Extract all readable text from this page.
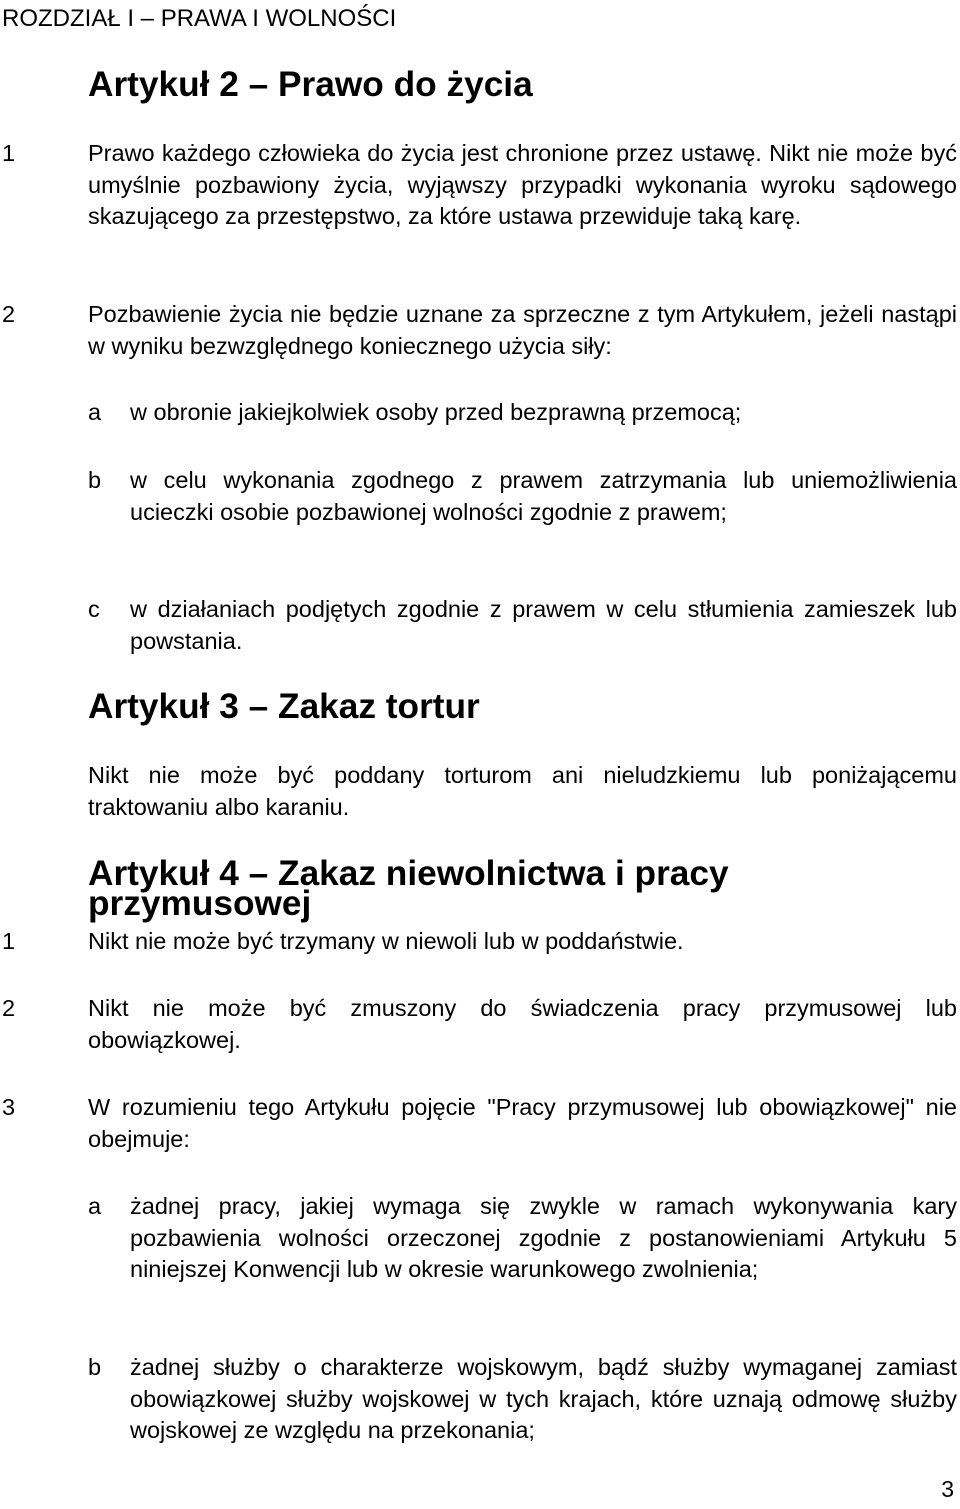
ROZDZIAŁ I – PRAWA I WOLNOŚCI
Artykuł 2 – Prawo do życia
1	Prawo każdego człowieka do życia jest chronione przez ustawę. Nikt nie może być umyślnie pozbawiony życia, wyjąwszy przypadki wykonania wyroku sądowego skazującego za przestępstwo, za które ustawa przewiduje taką karę.

2	Pozbawienie życia nie będzie uznane za sprzeczne z tym Artykułem, jeżeli nastąpi w wyniku bezwzględnego koniecznego użycia siły:

a w obronie jakiejkolwiek osoby przed bezprawną przemocą;

b w celu wykonania zgodnego z prawem zatrzymania lub uniemożliwienia ucieczki osobie pozbawionej wolności zgodnie z prawem;

c w działaniach podjętych zgodnie z prawem w celu stłumienia zamieszek lub powstania.

Artykuł 3 – Zakaz tortur

Nikt nie może być poddany torturom ani nieludzkiemu lub poniżającemu traktowaniu albo karaniu.

Artykuł 4 – Zakaz niewolnictwa i pracy przymusowej
1	Nikt nie może być trzymany w niewoli lub w poddaństwie.

2	Nikt nie może być zmuszony do świadczenia pracy przymusowej lub obowiązkowej.

3	W rozumieniu tego Artykułu pojęcie "Pracy przymusowej lub obowiązkowej" nie obejmuje:

a żadnej pracy, jakiej wymaga się zwykle w ramach wykonywania kary pozbawienia wolności orzeczonej zgodnie z postanowieniami Artykułu 5 niniejszej Konwencji lub w okresie warunkowego zwolnienia;

b żadnej służby o charakterze wojskowym, bądź służby wymaganej zamiast obowiązkowej służby wojskowej w tych krajach, które uznają odmowę służby wojskowej ze względu na przekonania;

3
